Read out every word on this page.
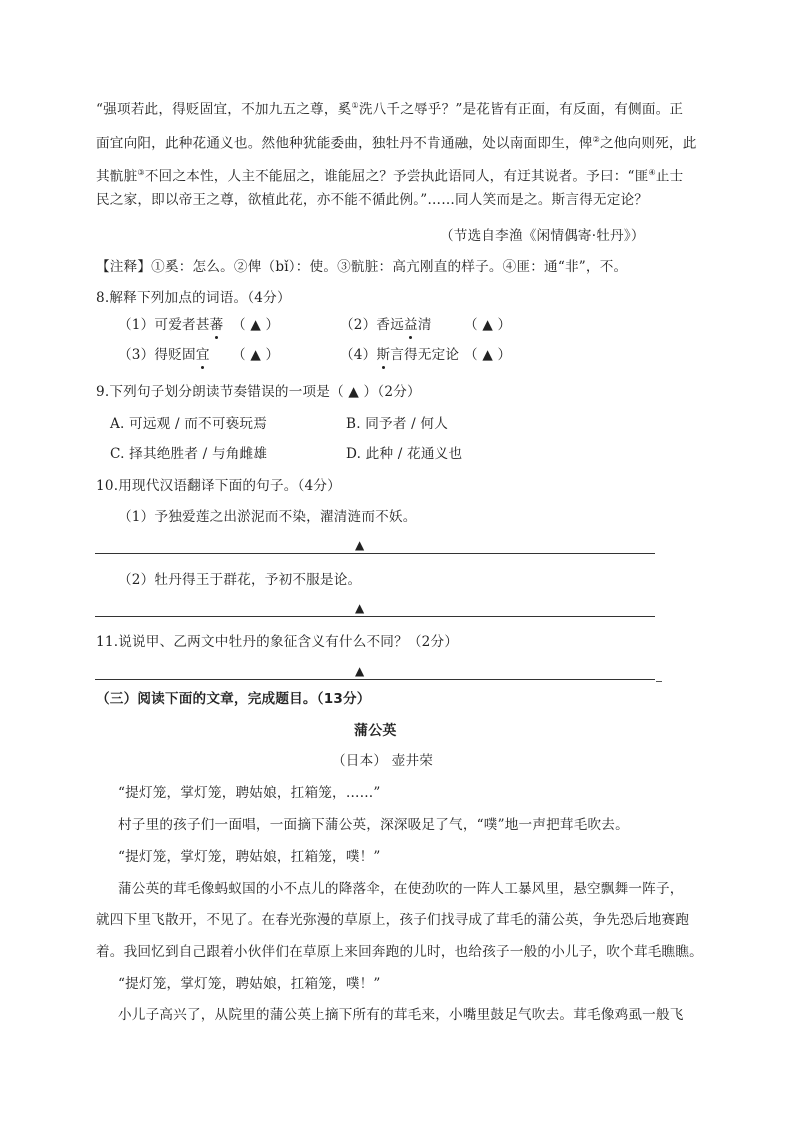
“强项若此，得贬固宜，不加九五之尊，奚①洗八千之辱乎？”是花皆有正面，有反面，有侧面。正
面宜向阳，此种花通义也。然他种犹能委曲，独牡丹不肯通融，处以南面即生，俾②之他向则死，此
其骯脏③不回之本性，人主不能屈之，谁能屈之？予尝执此语同人，有迂其说者。予曰：“匪④止士
民之家，即以帝王之尊，欲植此花，亦不能不循此例。”……同人笑而是之。斯言得无定论？
（节选自李渔《闲情偶寄·牡丹》）
【注释】①奚：怎么。②俾（bǐ）：使。③骯脏：高亢刚直的样子。④匪：通“非”，不。
8.解释下列加点的词语。（4分）
（1）可爱者甚蕃 （ ▲ ）	（2）香远益清 （ ▲ ）
（3）得贬固宜 （ ▲ ）	（4）斯言得无定论 （ ▲ ）
9.下列句子划分朗读节奏错误的一项是（ ▲ ）（2分）
A. 可远观 / 而不可亵玩焉	B. 同予者 / 何人
C. 择其绝胜者 / 与角雌雄	D. 此种 / 花通义也
10.用现代汉语翻译下面的句子。（4分）
（1）予独爱莲之出淤泥而不染，濯清涟而不妖。
▲
（2）牡丹得王于群花，予初不服是论。
▲
11.说说甲、乙两文中牡丹的象征含义有什么不同？（2分）
▲
（三）阅读下面的文章，完成题目。（13分）
蒲公英
（日本） 壶井荣
“提灯笼，掌灯笼，聘姑娘，扛箱笼，……”
村子里的孩子们一面唱，一面摘下蒲公英，深深吸足了气，“噗”地一声把茸毛吹去。
“提灯笼，掌灯笼，聘姑娘，扛箱笼，噗！”
蒲公英的茸毛像蚂蚁国的小不点儿的降落伞，在使劲吹的一阵人工暴风里，悬空飘舞一阵子，
就四下里飞散开，不见了。在春光弥漫的草原上，孩子们找寻成了茸毛的蒲公英，争先恐后地赛跑
着。我回忆到自己跟着小伙伴们在草原上来回奔跑的儿时，也给孩子一般的小儿子，吹个茸毛瞧瞧。
“提灯笼，掌灯笼，聘姑娘，扛箱笼，噗！”
小儿子高兴了，从院里的蒲公英上摘下所有的茸毛来，小嘴里鼓足气吹去。茸毛像鸡虱一般飞
